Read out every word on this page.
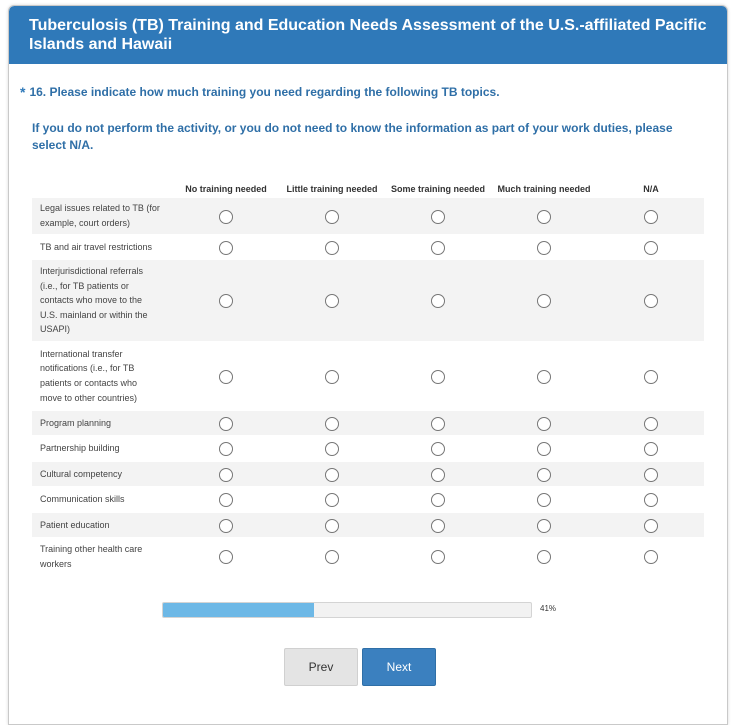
Tuberculosis (TB) Training and Education Needs Assessment of the U.S.-affiliated Pacific Islands and Hawaii
* 16. Please indicate how much training you need regarding the following TB topics.
If you do not perform the activity, or you do not need to know the information as part of your work duties, please select N/A.
No training needed	Little training needed	Some training needed	Much training needed	N/A
Legal issues related to TB (for example, court orders)
TB and air travel restrictions
Interjurisdictional referrals (i.e., for TB patients or contacts who move to the U.S. mainland or within the USAPI)
International transfer notifications (i.e., for TB patients or contacts who move to other countries)
Program planning
Partnership building
Cultural competency
Communication skills
Patient education
Training other health care workers
41%
Prev	Next
